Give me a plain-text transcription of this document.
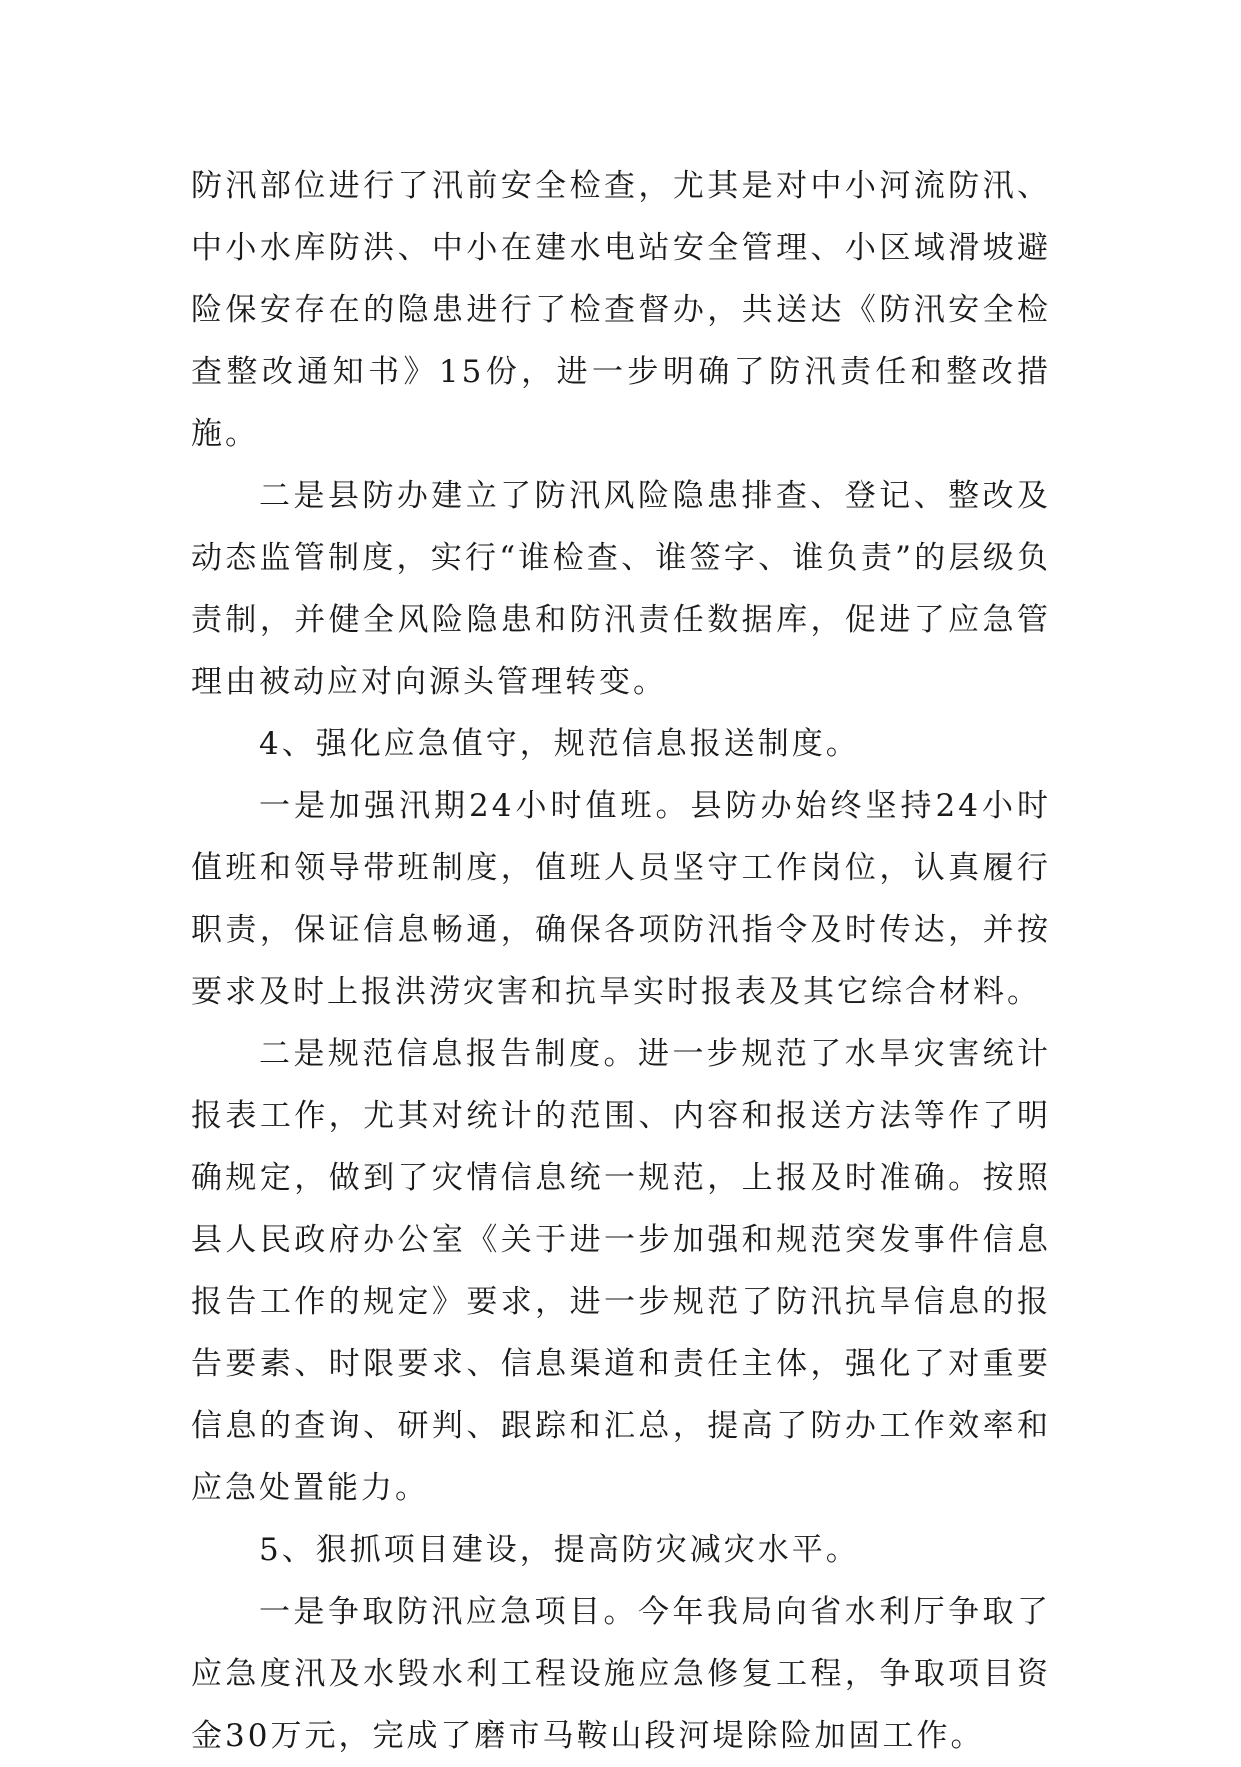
防汛部位进行了汛前安全检查，尤其是对中小河流防汛、中小水库防洪、中小在建水电站安全管理、小区域滑坡避险保安存在的隐患进行了检查督办，共送达《防汛安全检查整改通知书》15份，进一步明确了防汛责任和整改措施。

二是县防办建立了防汛风险隐患排查、登记、整改及动态监管制度，实行“谁检查、谁签字、谁负责”的层级负责制，并健全风险隐患和防汛责任数据库，促进了应急管理由被动应对向源头管理转变。

4、强化应急值守，规范信息报送制度。

一是加强汛期24小时值班。县防办始终坚持24小时值班和领导带班制度，值班人员坚守工作岗位，认真履行职责，保证信息畅通，确保各项防汛指令及时传达，并按要求及时上报洪涝灾害和抗旱实时报表及其它综合材料。

二是规范信息报告制度。进一步规范了水旱灾害统计报表工作，尤其对统计的范围、内容和报送方法等作了明确规定，做到了灾情信息统一规范，上报及时准确。按照县人民政府办公室《关于进一步加强和规范突发事件信息报告工作的规定》要求，进一步规范了防汛抗旱信息的报告要素、时限要求、信息渠道和责任主体，强化了对重要信息的查询、研判、跟踪和汇总，提高了防办工作效率和应急处置能力。

5、狠抓项目建设，提高防灾减灾水平。

一是争取防汛应急项目。今年我局向省水利厅争取了应急度汛及水毁水利工程设施应急修复工程，争取项目资金30万元，完成了磨市马鞍山段河堤除险加固工作。
